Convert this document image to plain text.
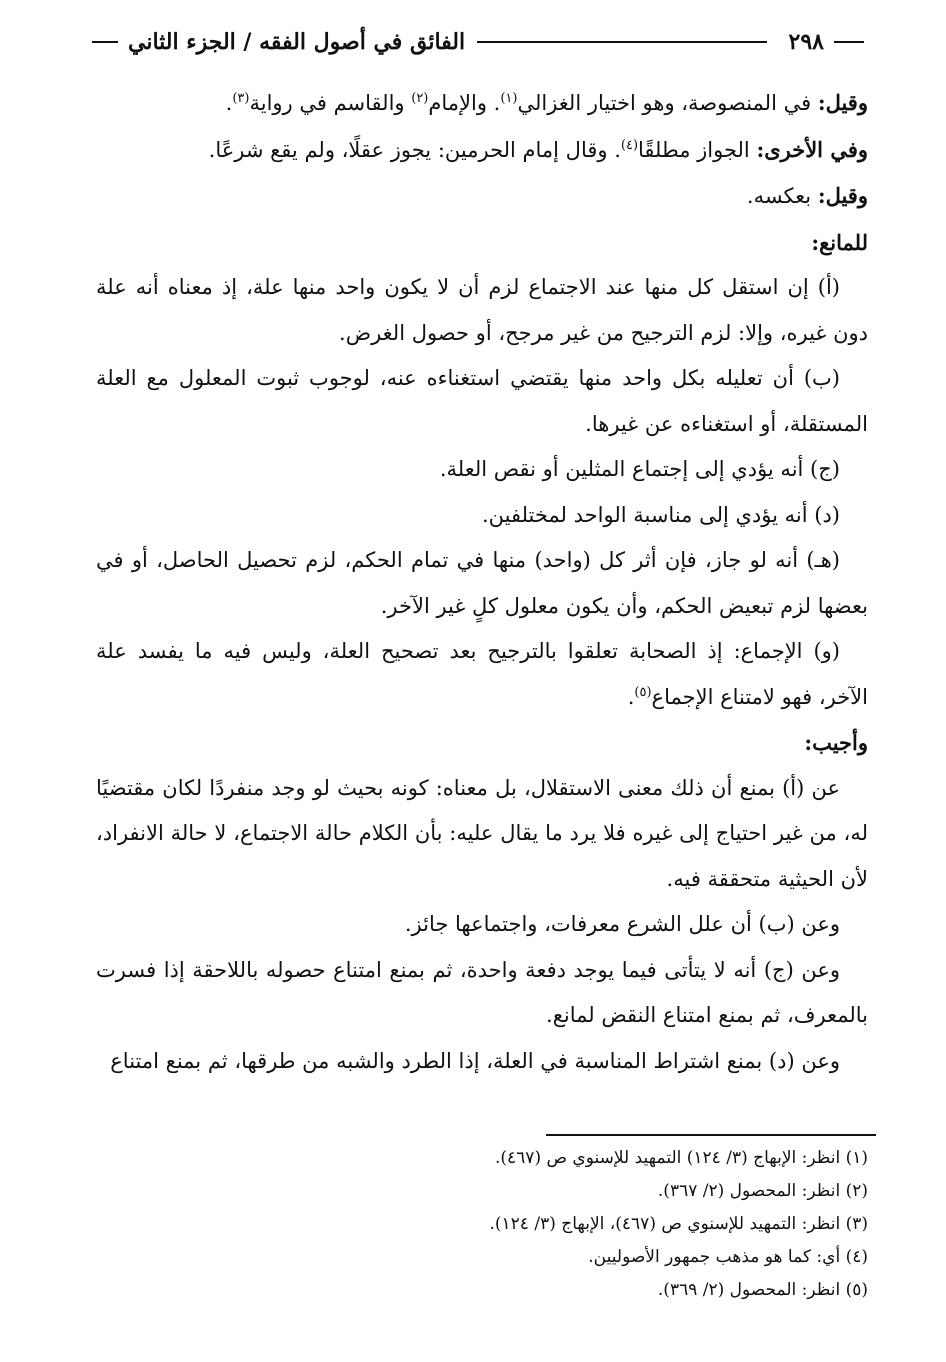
٢٩٨
الفائق في أصول الفقه / الجزء الثاني

وقيل: في المنصوصة، وهو اختيار الغزالي$^{(١)}$. والإمام$^{(٢)}$ والقاسم في رواية$^{(٣)}$.

وفي الأخرى: الجواز مطلقًا$^{(٤)}$. وقال إمام الحرمين: يجوز عقلًا، ولم يقع شرعًا.

وقيل: بعكسه.

للمانع:

(أ) إن استقل كل منها عند الاجتماع لزم أن لا يكون واحد منها علة، إذ معناه أنه علة دون غيره، وإلا: لزم الترجيح من غير مرجح، أو حصول الغرض.

(ب) أن تعليله بكل واحد منها يقتضي استغناءه عنه، لوجوب ثبوت المعلول مع العلة المستقلة، أو استغناءه عن غيرها.

(ج) أنه يؤدي إلى إجتماع المثلين أو نقص العلة.

(د) أنه يؤدي إلى مناسبة الواحد لمختلفين.

(هـ) أنه لو جاز، فإن أثر كل (واحد) منها في تمام الحكم، لزم تحصيل الحاصل، أو في بعضها لزم تبعيض الحكم، وأن يكون معلول كلٍ غير الآخر.

(و) الإجماع: إذ الصحابة تعلقوا بالترجيح بعد تصحيح العلة، وليس فيه ما يفسد علة الآخر، فهو لامتناع الإجماع$^{(٥)}$.

وأجيب:

عن (أ) بمنع أن ذلك معنى الاستقلال، بل معناه: كونه بحيث لو وجد منفردًا لكان مقتضيًا له، من غير احتياج إلى غيره فلا يرد ما يقال عليه: بأن الكلام حالة الاجتماع، لا حالة الانفراد، لأن الحيثية متحققة فيه.

وعن (ب) أن علل الشرع معرفات، واجتماعها جائز.

وعن (ج) أنه لا يتأتى فيما يوجد دفعة واحدة، ثم بمنع امتناع حصوله باللاحقة إذا فسرت بالمعرف، ثم بمنع امتناع النقض لمانع.

وعن (د) بمنع اشتراط المناسبة في العلة، إذا الطرد والشبه من طرقها، ثم بمنع امتناع

(١) انظر: الإبهاج (٣/ ١٢٤) التمهيد للإسنوي ص (٤٦٧).

(٢) انظر: المحصول (٢/ ٣٦٧).

(٣) انظر: التمهيد للإسنوي ص (٤٦٧)، الإبهاج (٣/ ١٢٤).

(٤) أي: كما هو مذهب جمهور الأصوليين.

(٥) انظر: المحصول (٢/ ٣٦٩).
